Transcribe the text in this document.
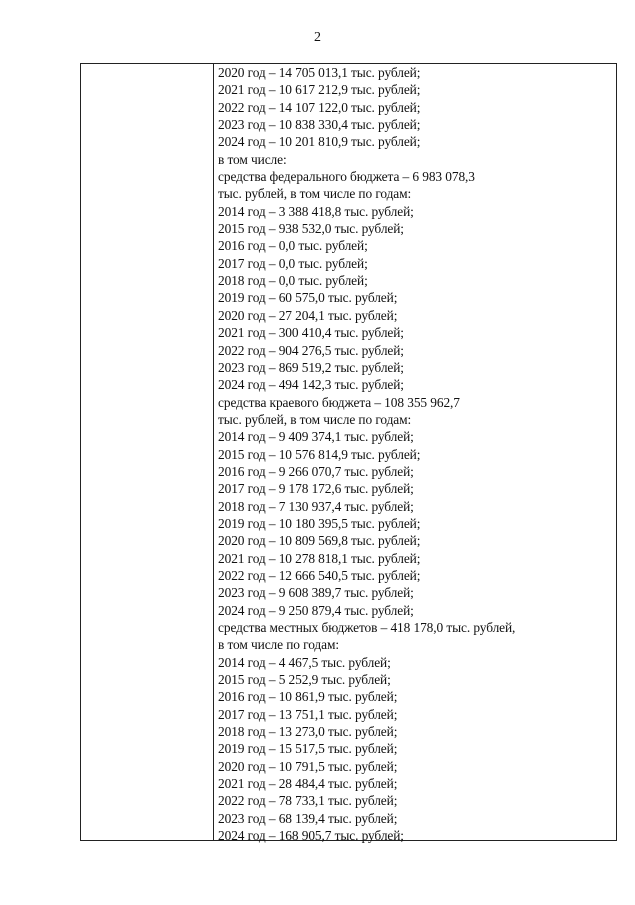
2
2020 год – 14 705 013,1 тыс. рублей;
2021 год – 10 617 212,9 тыс. рублей;
2022 год – 14 107 122,0 тыс. рублей;
2023 год – 10 838 330,4 тыс. рублей;
2024 год – 10 201 810,9 тыс. рублей;
в том числе:
средства федерального бюджета – 6 983 078,3
тыс. рублей, в том числе по годам:
2014 год – 3 388 418,8 тыс. рублей;
2015 год – 938 532,0 тыс. рублей;
2016 год – 0,0 тыс. рублей;
2017 год – 0,0 тыс. рублей;
2018 год – 0,0 тыс. рублей;
2019 год – 60 575,0 тыс. рублей;
2020 год – 27 204,1 тыс. рублей;
2021 год – 300 410,4 тыс. рублей;
2022 год – 904 276,5 тыс. рублей;
2023 год – 869 519,2 тыс. рублей;
2024 год – 494 142,3 тыс. рублей;
средства краевого бюджета – 108 355 962,7
тыс. рублей, в том числе по годам:
2014 год – 9 409 374,1 тыс. рублей;
2015 год – 10 576 814,9 тыс. рублей;
2016 год – 9 266 070,7 тыс. рублей;
2017 год – 9 178 172,6 тыс. рублей;
2018 год – 7 130 937,4 тыс. рублей;
2019 год – 10 180 395,5 тыс. рублей;
2020 год – 10 809 569,8 тыс. рублей;
2021 год – 10 278 818,1 тыс. рублей;
2022 год – 12 666 540,5 тыс. рублей;
2023 год – 9 608 389,7 тыс. рублей;
2024 год – 9 250 879,4 тыс. рублей;
средства местных бюджетов – 418 178,0 тыс. рублей,
в том числе по годам:
2014 год – 4 467,5 тыс. рублей;
2015 год – 5 252,9 тыс. рублей;
2016 год – 10 861,9 тыс. рублей;
2017 год – 13 751,1 тыс. рублей;
2018 год – 13 273,0 тыс. рублей;
2019 год – 15 517,5 тыс. рублей;
2020 год – 10 791,5 тыс. рублей;
2021 год – 28 484,4 тыс. рублей;
2022 год – 78 733,1 тыс. рублей;
2023 год – 68 139,4 тыс. рублей;
2024 год – 168 905,7 тыс. рублей;
